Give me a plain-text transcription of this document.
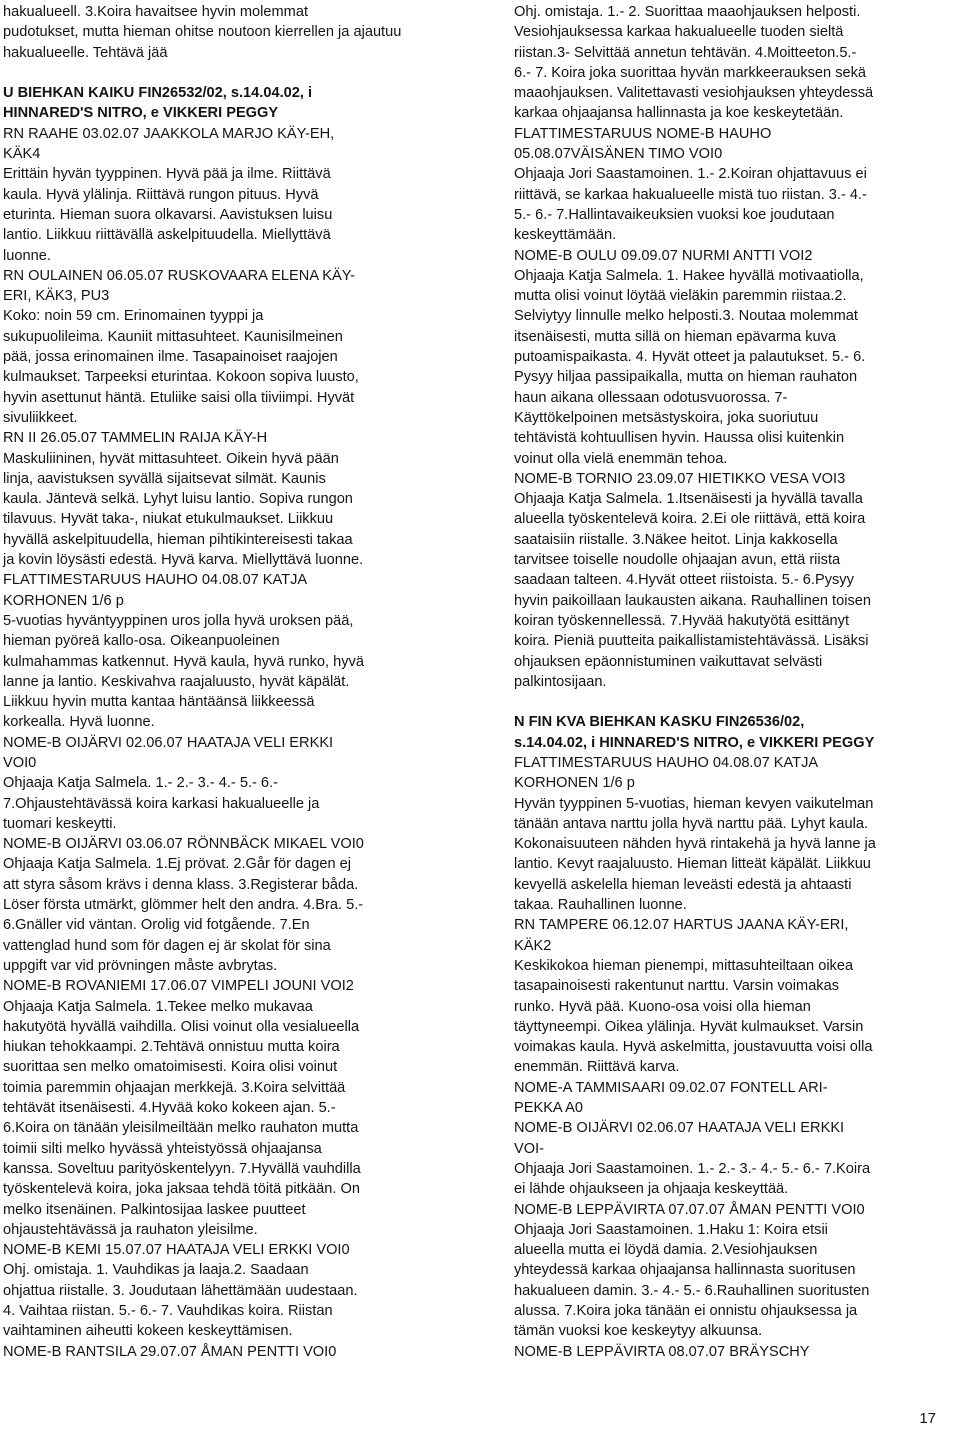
hakualueell. 3.Koira havaitsee hyvin molemmat
pudotukset, mutta hieman ohitse noutoon kierrellen ja ajautuu
hakualueelle. Tehtävä jää
U BIEHKAN KAIKU FIN26532/02, s.14.04.02, i
HINNARED'S NITRO, e VIKKERI PEGGY
RN RAAHE 03.02.07 JAAKKOLA MARJO KÄY-EH,
KÄK4
Erittäin hyvän tyyppinen. Hyvä pää ja ilme. Riittävä
kaula. Hyvä ylälinja. Riittävä rungon pituus. Hyvä
eturinta. Hieman suora olkavarsi. Aavistuksen luisu
lantio. Liikkuu riittävällä askelpituudella. Miellyttävä
luonne.
RN OULAINEN 06.05.07 RUSKOVAARA ELENA KÄY-
ERI, KÄK3, PU3
Koko: noin 59 cm. Erinomainen tyyppi ja
sukupuolileima. Kauniit mittasuhteet. Kaunisilmeinen
pää, jossa erinomainen ilme. Tasapainoiset raajojen
kulmaukset. Tarpeeksi eturintaa. Kokoon sopiva luusto,
hyvin asettunut häntä. Etuliike saisi olla tiiviimpi. Hyvät
sivuliikkeet.
RN II 26.05.07 TAMMELIN RAIJA KÄY-H
Maskuliininen, hyvät mittasuhteet. Oikein hyvä pään
linja, aavistuksen syvällä sijaitsevat silmät. Kaunis
kaula. Jäntevä selkä. Lyhyt luisu lantio. Sopiva rungon
tilavuus. Hyvät taka-, niukat etukulmaukset. Liikkuu
hyvällä askelpituudella, hieman pihtikintereisesti takaa
ja kovin löysästi edestä. Hyvä karva. Miellyttävä luonne.
FLATTIMESTARUUS HAUHO 04.08.07 KATJA
KORHONEN 1/6 p
5-vuotias hyväntyyppinen uros jolla hyvä uroksen pää,
hieman pyöreä kallo-osa. Oikeanpuoleinen
kulmahammas katkennut. Hyvä kaula, hyvä runko, hyvä
lanne ja lantio. Keskivahva raajaluusto, hyvät käpälät.
Liikkuu hyvin mutta kantaa häntäänsä liikkeessä
korkealla. Hyvä luonne.
NOME-B OIJÄRVI 02.06.07 HAATAJA VELI ERKKI
VOI0
Ohjaaja Katja Salmela. 1.- 2.- 3.- 4.- 5.- 6.-
7.Ohjaustehtävässä koira karkasi hakualueelle ja
tuomari keskeytti.
NOME-B OIJÄRVI 03.06.07 RÖNNBÄCK MIKAEL VOI0
Ohjaaja Katja Salmela. 1.Ej prövat. 2.Går för dagen ej
att styra såsom krävs i denna klass. 3.Registerar båda.
Löser första utmärkt, glömmer helt den andra. 4.Bra. 5.-
6.Gnäller vid väntan. Orolig vid fotgående. 7.En
vattenglad hund som för dagen ej är skolat för sina
uppgift var vid prövningen måste avbrytas.
NOME-B ROVANIEMI 17.06.07 VIMPELI JOUNI VOI2
Ohjaaja Katja Salmela. 1.Tekee melko mukavaa
hakutyötä hyvällä vaihdilla. Olisi voinut olla vesialueella
hiukan tehokkaampi. 2.Tehtävä onnistuu mutta koira
suorittaa sen melko omatoimisesti. Koira olisi voinut
toimia paremmin ohjaajan merkkejä. 3.Koira selvittää
tehtävät itsenäisesti. 4.Hyvää koko kokeen ajan. 5.-
6.Koira on tänään yleisilmeiltään melko rauhaton mutta
toimii silti melko hyvässä yhteistyössä ohjaajansa
kanssa. Soveltuu parityöskentelyyn. 7.Hyvällä vauhdilla
työskentelevä koira, joka jaksaa tehdä töitä pitkään. On
melko itsenäinen. Palkintosijaa laskee puutteet
ohjaustehtävässä ja rauhaton yleisilme.
NOME-B KEMI 15.07.07 HAATAJA VELI ERKKI VOI0
Ohj. omistaja. 1. Vauhdikas ja laaja.2. Saadaan
ohjattua riistalle. 3. Joudutaan lähettämään uudestaan.
4. Vaihtaa riistan. 5.- 6.- 7. Vauhdikas koira. Riistan
vaihtaminen aiheutti kokeen keskeyttämisen.
NOME-B RANTSILA 29.07.07 ÅMAN PENTTI VOI0
Ohj. omistaja. 1.- 2. Suorittaa maaohjauksen helposti.
Vesiohjauksessa karkaa hakualueelle tuoden sieltä
riistan.3- Selvittää annetun tehtävän. 4.Moitteeton.5.-
6.- 7. Koira joka suorittaa hyvän markkeerauksen sekä
maaohjauksen. Valitettavasti vesiohjauksen yhteydessä
karkaa ohjaajansa hallinnasta ja koe keskeytetään.
FLATTIMESTARUUS NOME-B HAUHO
05.08.07VÄISÄNEN TIMO VOI0
Ohjaaja Jori Saastamoinen. 1.- 2.Koiran ohjattavuus ei
riittävä, se karkaa hakualueelle mistä tuo riistan. 3.- 4.-
5.- 6.- 7.Hallintavaikeuksien vuoksi koe joudutaan
keskeyttämään.
NOME-B OULU 09.09.07 NURMI ANTTI VOI2
Ohjaaja Katja Salmela. 1. Hakee hyvällä motivaatiolla,
mutta olisi voinut löytää vieläkin paremmin riistaa.2.
Selviytyy linnulle melko helposti.3. Noutaa molemmat
itsenäisesti, mutta sillä on hieman epävarma kuva
putoamispaikasta. 4. Hyvät otteet ja palautukset. 5.- 6.
Pysyy hiljaa passipaikalla, mutta on hieman rauhaton
haun aikana ollessaan odotusvuorossa. 7-
Käyttökelpoinen metsästyskoira, joka suoriutuu
tehtävistä kohtuullisen hyvin. Haussa olisi kuitenkin
voinut olla vielä enemmän tehoa.
NOME-B TORNIO 23.09.07 HIETIKKO VESA VOI3
Ohjaaja Katja Salmela. 1.Itsenäisesti ja hyvällä tavalla
alueella työskentelevä koira. 2.Ei ole riittävä, että koira
saataisiin riistalle. 3.Näkee heitot. Linja kakkosella
tarvitsee toiselle noudolle ohjaajan avun, että riista
saadaan talteen. 4.Hyvät otteet riistoista. 5.- 6.Pysyy
hyvin paikoillaan laukausten aikana. Rauhallinen toisen
koiran työskennellessä. 7.Hyvää hakutyötä esittänyt
koira. Pieniä puutteita paikallistamistehtävässä. Lisäksi
ohjauksen epäonnistuminen vaikuttavat selvästi
palkintosijaan.
N FIN KVA BIEHKAN KASKU FIN26536/02,
s.14.04.02, i HINNARED'S NITRO, e VIKKERI PEGGY
FLATTIMESTARUUS HAUHO 04.08.07 KATJA
KORHONEN 1/6 p
Hyvän tyyppinen 5-vuotias, hieman kevyen vaikutelman
tänään antava narttu jolla hyvä narttu pää. Lyhyt kaula.
Kokonaisuuteen nähden hyvä rintakehä ja hyvä lanne ja
lantio. Kevyt raajaluusto. Hieman litteät käpälät. Liikkuu
kevyellä askelella hieman leveästi edestä ja ahtaasti
takaa. Rauhallinen luonne.
RN TAMPERE 06.12.07 HARTUS JAANA KÄY-ERI,
KÄK2
Keskikokoa hieman pienempi, mittasuhteiltaan oikea
tasapainoisesti rakentunut narttu. Varsin voimakas
runko. Hyvä pää. Kuono-osa voisi olla hieman
täyttyneempi. Oikea ylälinja. Hyvät kulmaukset. Varsin
voimakas kaula. Hyvä askelmitta, joustavuutta voisi olla
enemmän. Riittävä karva.
NOME-A TAMMISAARI 09.02.07 FONTELL ARI-
PEKKA A0
NOME-B OIJÄRVI 02.06.07 HAATAJA VELI ERKKI
VOI-
Ohjaaja Jori Saastamoinen. 1.- 2.- 3.- 4.- 5.- 6.- 7.Koira
ei lähde ohjaukseen ja ohjaaja keskeyttää.
NOME-B LEPPÄVIRTA 07.07.07 ÅMAN PENTTI VOI0
Ohjaaja Jori Saastamoinen. 1.Haku 1: Koira etsii
alueella mutta ei löydä damia. 2.Vesiohjauksen
yhteydessä karkaa ohjaajansa hallinnasta suoritusen
hakualueen damin. 3.- 4.- 5.- 6.Rauhallinen suoritusten
alussa. 7.Koira joka tänään ei onnistu ohjauksessa ja
tämän vuoksi koe keskeytyy alkuunsa.
NOME-B LEPPÄVIRTA 08.07.07 BRÄYSCHY
17
